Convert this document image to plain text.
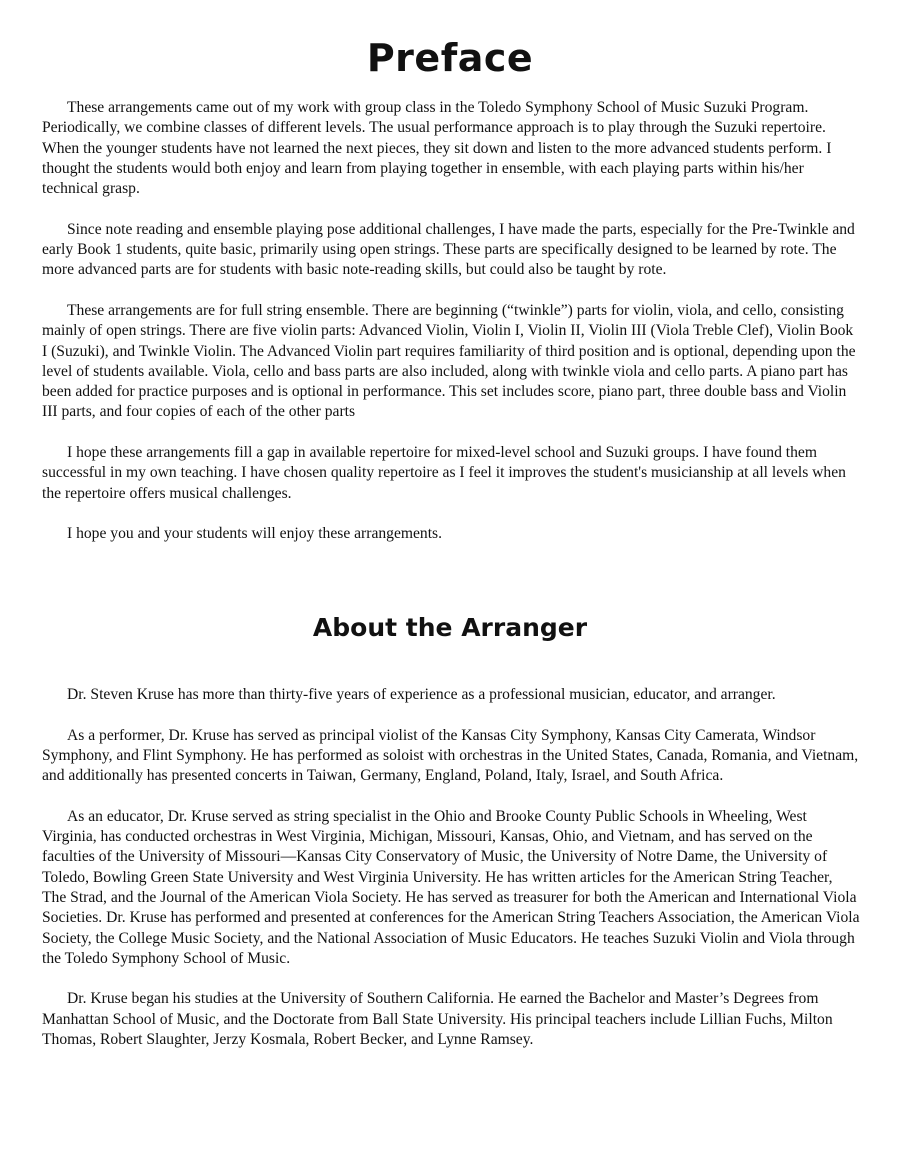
Preface

These arrangements came out of my work with group class in the Toledo Symphony School of Music Suzuki Program. Periodically, we combine classes of different levels. The usual performance approach is to play through the Suzuki repertoire. When the younger students have not learned the next pieces, they sit down and listen to the more advanced students perform. I thought the students would both enjoy and learn from playing together in ensemble, with each playing parts within his/her technical grasp.

Since note reading and ensemble playing pose additional challenges, I have made the parts, especially for the Pre-Twinkle and early Book 1 students, quite basic, primarily using open strings. These parts are specifically designed to be learned by rote. The more advanced parts are for students with basic note-reading skills, but could also be taught by rote.

These arrangements are for full string ensemble. There are beginning (“twinkle”) parts for violin, viola, and cello, consisting mainly of open strings. There are five violin parts: Advanced Violin, Violin I, Violin II, Violin III (Viola Treble Clef), Violin Book I (Suzuki), and Twinkle Violin. The Advanced Violin part requires familiarity of third position and is optional, depending upon the level of students available. Viola, cello and bass parts are also included, along with twinkle viola and cello parts. A piano part has been added for practice purposes and is optional in performance. This set includes score, piano part, three double bass and Violin III parts, and four copies of each of the other parts

I hope these arrangements fill a gap in available repertoire for mixed-level school and Suzuki groups. I have found them successful in my own teaching. I have chosen quality repertoire as I feel it improves the student's musicianship at all levels when the repertoire offers musical challenges.

I hope you and your students will enjoy these arrangements.

About the Arranger

Dr. Steven Kruse has more than thirty-five years of experience as a professional musician, educator, and arranger.

As a performer, Dr. Kruse has served as principal violist of the Kansas City Symphony, Kansas City Camerata, Windsor Symphony, and Flint Symphony. He has performed as soloist with orchestras in the United States, Canada, Romania, and Vietnam, and additionally has presented concerts in Taiwan, Germany, England, Poland, Italy, Israel, and South Africa.

As an educator, Dr. Kruse served as string specialist in the Ohio and Brooke County Public Schools in Wheeling, West Virginia, has conducted orchestras in West Virginia, Michigan, Missouri, Kansas, Ohio, and Vietnam, and has served on the faculties of the University of Missouri—Kansas City Conservatory of Music, the University of Notre Dame, the University of Toledo, Bowling Green State University and West Virginia University. He has written articles for the American String Teacher, The Strad, and the Journal of the American Viola Society. He has served as treasurer for both the American and International Viola Societies. Dr. Kruse has performed and presented at conferences for the American String Teachers Association, the American Viola Society, the College Music Society, and the National Association of Music Educators. He teaches Suzuki Violin and Viola through the Toledo Symphony School of Music.

Dr. Kruse began his studies at the University of Southern California. He earned the Bachelor and Master’s Degrees from Manhattan School of Music, and the Doctorate from Ball State University. His principal teachers include Lillian Fuchs, Milton Thomas, Robert Slaughter, Jerzy Kosmala, Robert Becker, and Lynne Ramsey.
